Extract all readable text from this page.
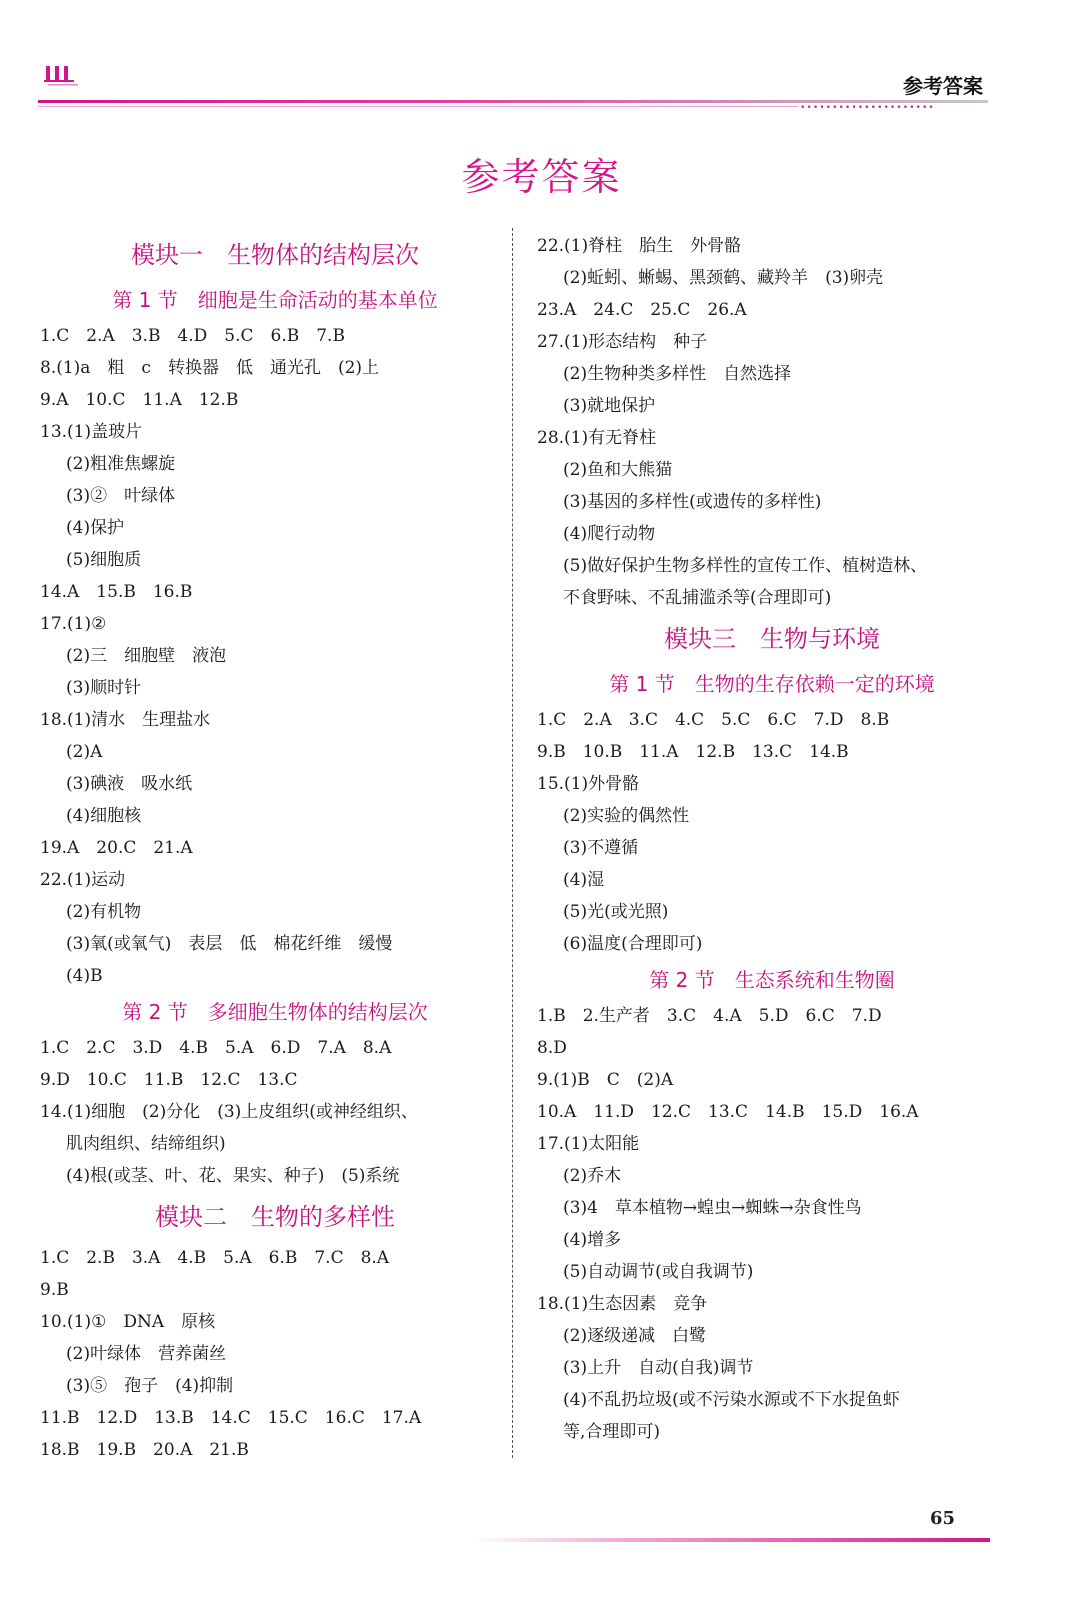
参考答案
•••••••••••••••••••••
参考答案
模块一　生物体的结构层次
第 1 节　细胞是生命活动的基本单位
1.C　2.A　3.B　4.D　5.C　6.B　7.B
8.(1)a　粗　c　转换器　低　通光孔　(2)上
9.A　10.C　11.A　12.B
13.(1)盖玻片
(2)粗准焦螺旋
(3)②　叶绿体
(4)保护
(5)细胞质
14.A　15.B　16.B
17.(1)②
(2)三　细胞壁　液泡
(3)顺时针
18.(1)清水　生理盐水
(2)A
(3)碘液　吸水纸
(4)细胞核
19.A　20.C　21.A
22.(1)运动
(2)有机物
(3)氧(或氧气)　表层　低　棉花纤维　缓慢
(4)B
第 2 节　多细胞生物体的结构层次
1.C　2.C　3.D　4.B　5.A　6.D　7.A　8.A
9.D　10.C　11.B　12.C　13.C
14.(1)细胞　(2)分化　(3)上皮组织(或神经组织、
肌肉组织、结缔组织)
(4)根(或茎、叶、花、果实、种子)　(5)系统
模块二　生物的多样性
1.C　2.B　3.A　4.B　5.A　6.B　7.C　8.A
9.B
10.(1)①　DNA　原核
(2)叶绿体　营养菌丝
(3)⑤　孢子　(4)抑制
11.B　12.D　13.B　14.C　15.C　16.C　17.A
18.B　19.B　20.A　21.B
22.(1)脊柱　胎生　外骨骼
(2)蚯蚓、蜥蜴、黑颈鹤、藏羚羊　(3)卵壳
23.A　24.C　25.C　26.A
27.(1)形态结构　种子
(2)生物种类多样性　自然选择
(3)就地保护
28.(1)有无脊柱
(2)鱼和大熊猫
(3)基因的多样性(或遗传的多样性)
(4)爬行动物
(5)做好保护生物多样性的宣传工作、植树造林、
不食野味、不乱捕滥杀等(合理即可)
模块三　生物与环境
第 1 节　生物的生存依赖一定的环境
1.C　2.A　3.C　4.C　5.C　6.C　7.D　8.B
9.B　10.B　11.A　12.B　13.C　14.B
15.(1)外骨骼
(2)实验的偶然性
(3)不遵循
(4)湿
(5)光(或光照)
(6)温度(合理即可)
第 2 节　生态系统和生物圈
1.B　2.生产者　3.C　4.A　5.D　6.C　7.D
8.D
9.(1)B　C　(2)A
10.A　11.D　12.C　13.C　14.B　15.D　16.A
17.(1)太阳能
(2)乔木
(3)4　草本植物→蝗虫→蜘蛛→杂食性鸟
(4)增多
(5)自动调节(或自我调节)
18.(1)生态因素　竞争
(2)逐级递减　白鹭
(3)上升　自动(自我)调节
(4)不乱扔垃圾(或不污染水源或不下水捉鱼虾
等,合理即可)
65
